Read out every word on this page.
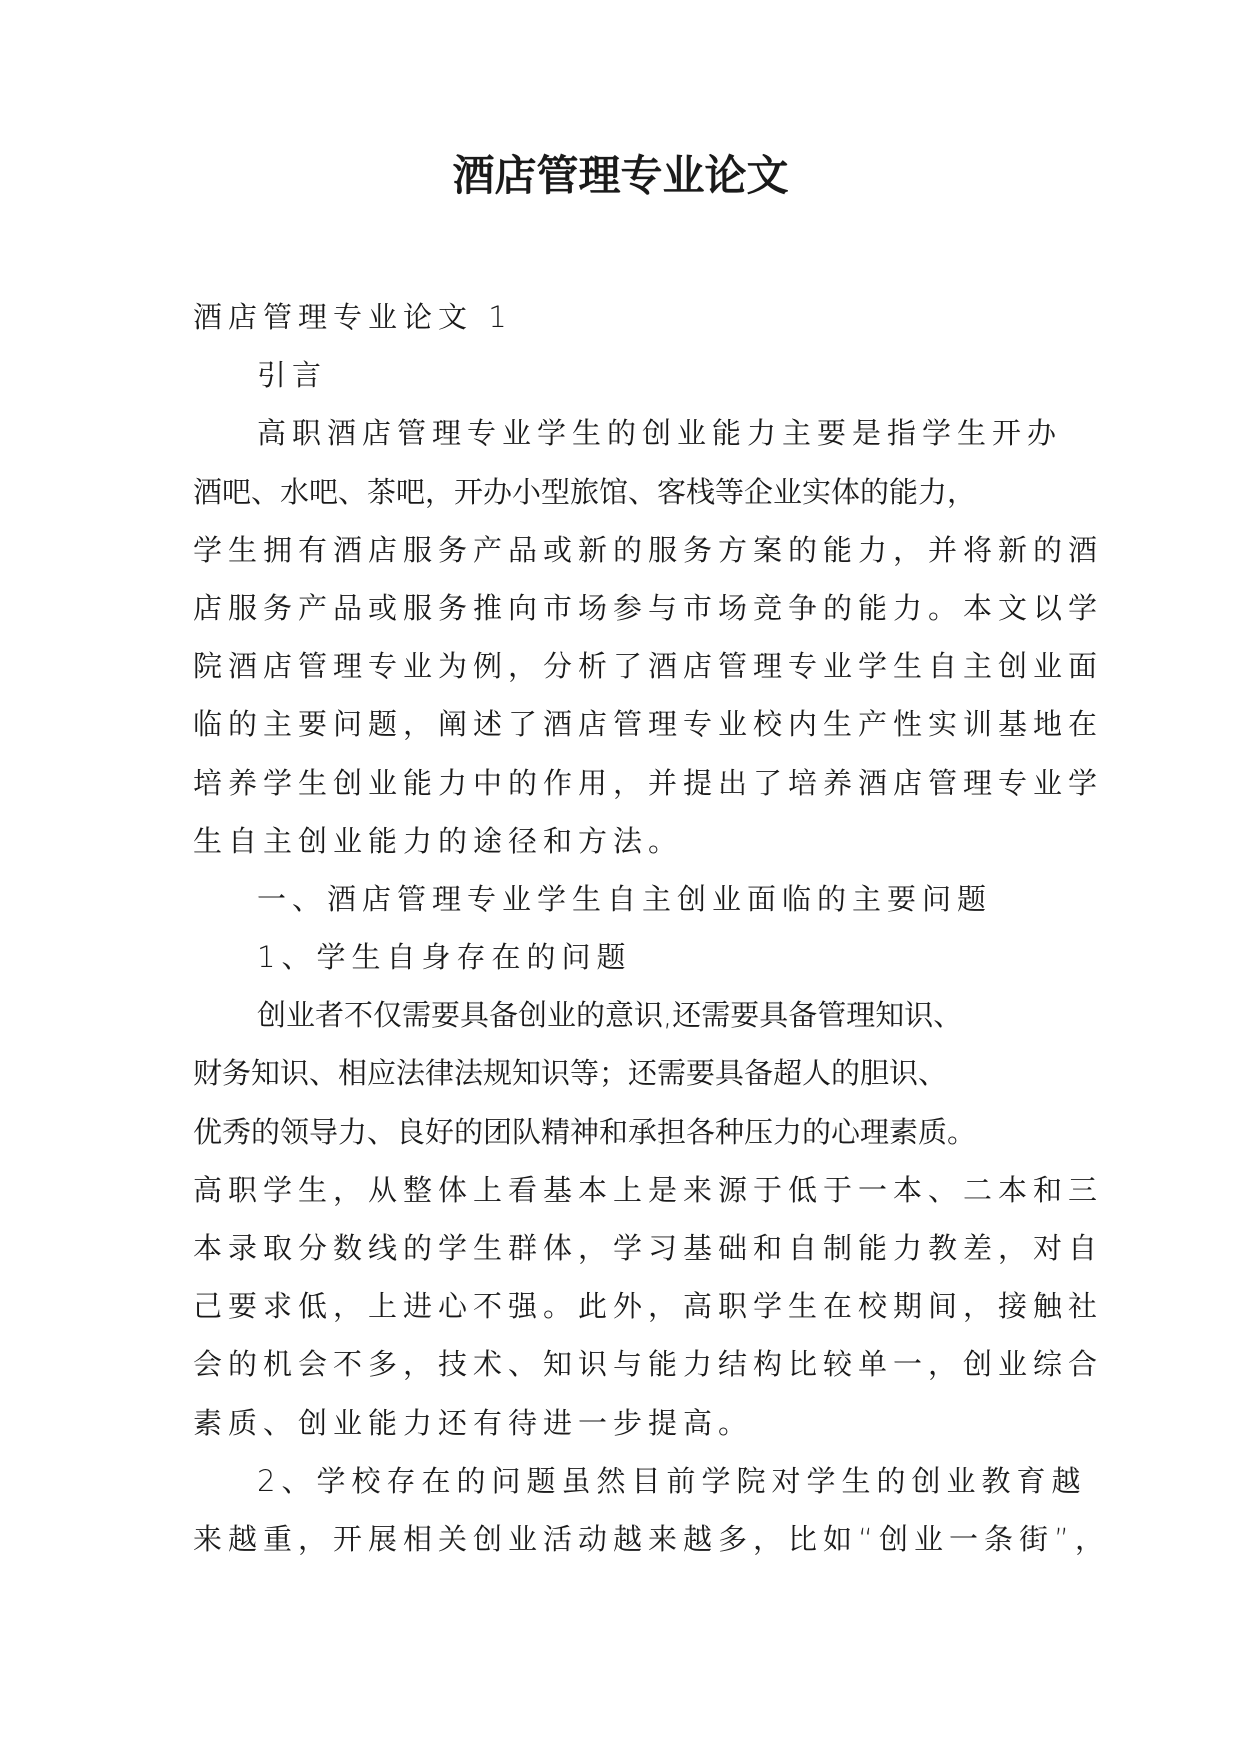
酒店管理专业论文
酒店管理专业论文 1
引言
高职酒店管理专业学生的创业能力主要是指学生开办
酒吧、水吧、茶吧，开办小型旅馆、客栈等企业实体的能力，
学生拥有酒店服务产品或新的服务方案的能力，并将新的酒
店服务产品或服务推向市场参与市场竞争的能力。本文以学
院酒店管理专业为例，分析了酒店管理专业学生自主创业面
临的主要问题，阐述了酒店管理专业校内生产性实训基地在
培养学生创业能力中的作用，并提出了培养酒店管理专业学
生自主创业能力的途径和方法。
一、酒店管理专业学生自主创业面临的主要问题
1、学生自身存在的问题
创业者不仅需要具备创业的意识,还需要具备管理知识、
财务知识、相应法律法规知识等；还需要具备超人的胆识、
优秀的领导力、良好的团队精神和承担各种压力的心理素质。
高职学生，从整体上看基本上是来源于低于一本、二本和三
本录取分数线的学生群体，学习基础和自制能力教差，对自
己要求低，上进心不强。此外，高职学生在校期间，接触社
会的机会不多，技术、知识与能力结构比较单一，创业综合
素质、创业能力还有待进一步提高。
2、学校存在的问题虽然目前学院对学生的创业教育越
来越重，开展相关创业活动越来越多，比如“创业一条街”，
